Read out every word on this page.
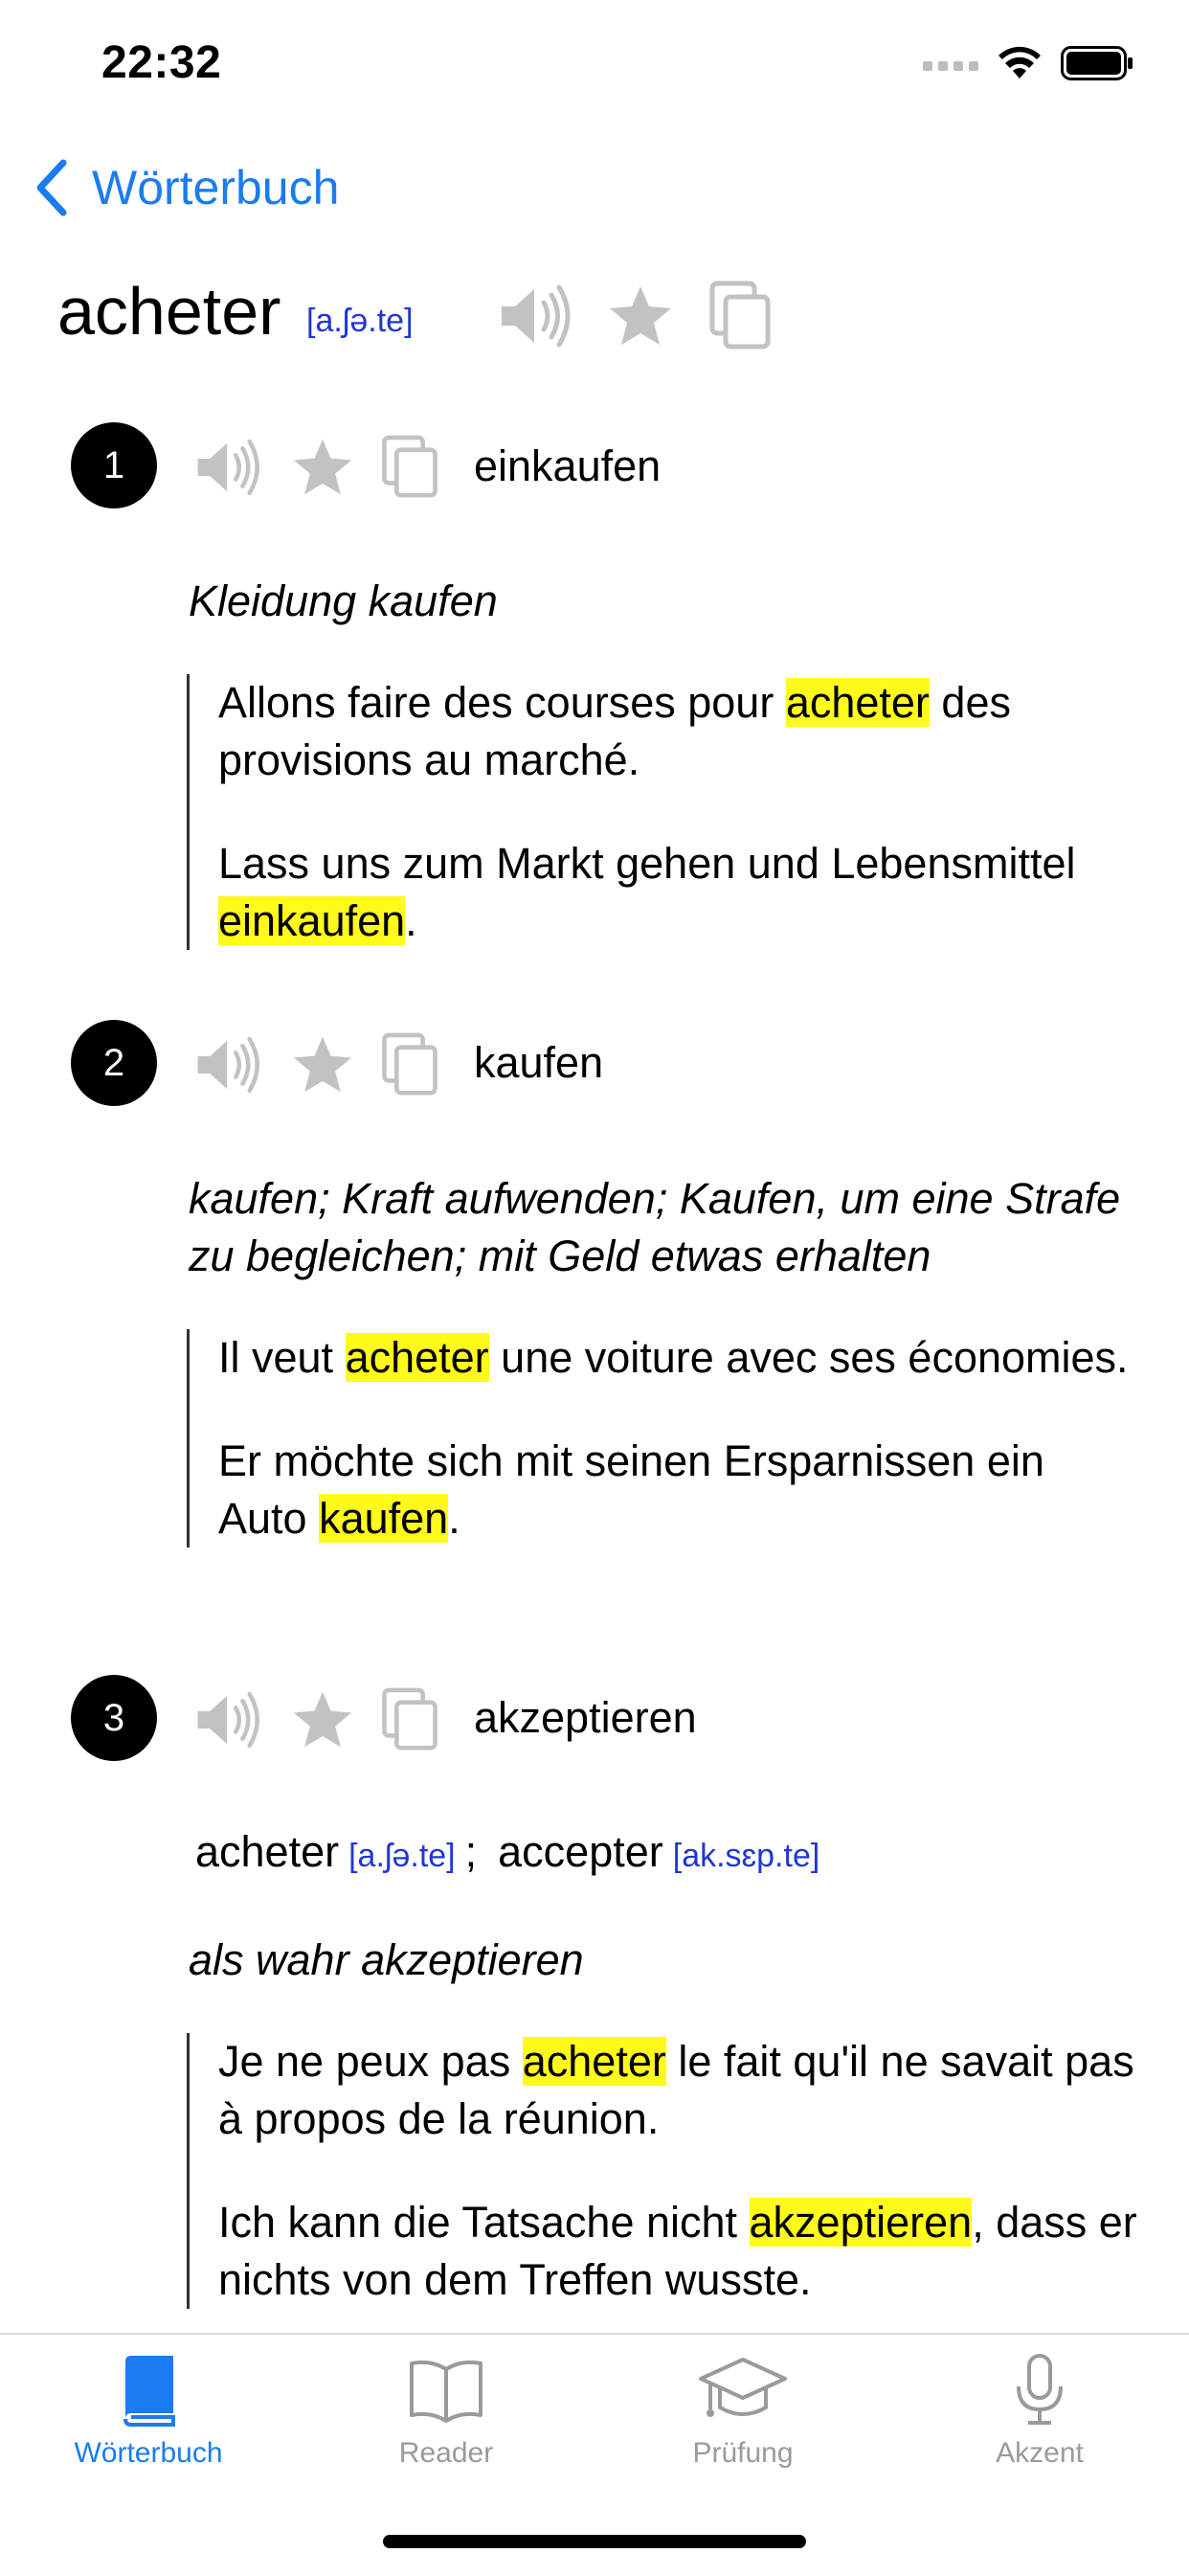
22:32
Wörterbuch
acheter [a.ʃə.te]
1	einkaufen
Kleidung kaufen

Allons faire des courses pour acheter des provisions au marché.

Lass uns zum Markt gehen und Lebensmittel einkaufen.

2	kaufen
kaufen; Kraft aufwenden; Kaufen, um eine Strafe zu begleichen; mit Geld etwas erhalten

Il veut acheter une voiture avec ses économies.

Er möchte sich mit seinen Ersparnissen ein Auto kaufen.

3	akzeptieren
acheter [a.ʃə.te] ; accepter [ak.sɛp.te]
als wahr akzeptieren

Je ne peux pas acheter le fait qu'il ne savait pas à propos de la réunion.

Ich kann die Tatsache nicht akzeptieren, dass er nichts von dem Treffen wusste.

Wörterbuch	Reader	Prüfung	Akzent
